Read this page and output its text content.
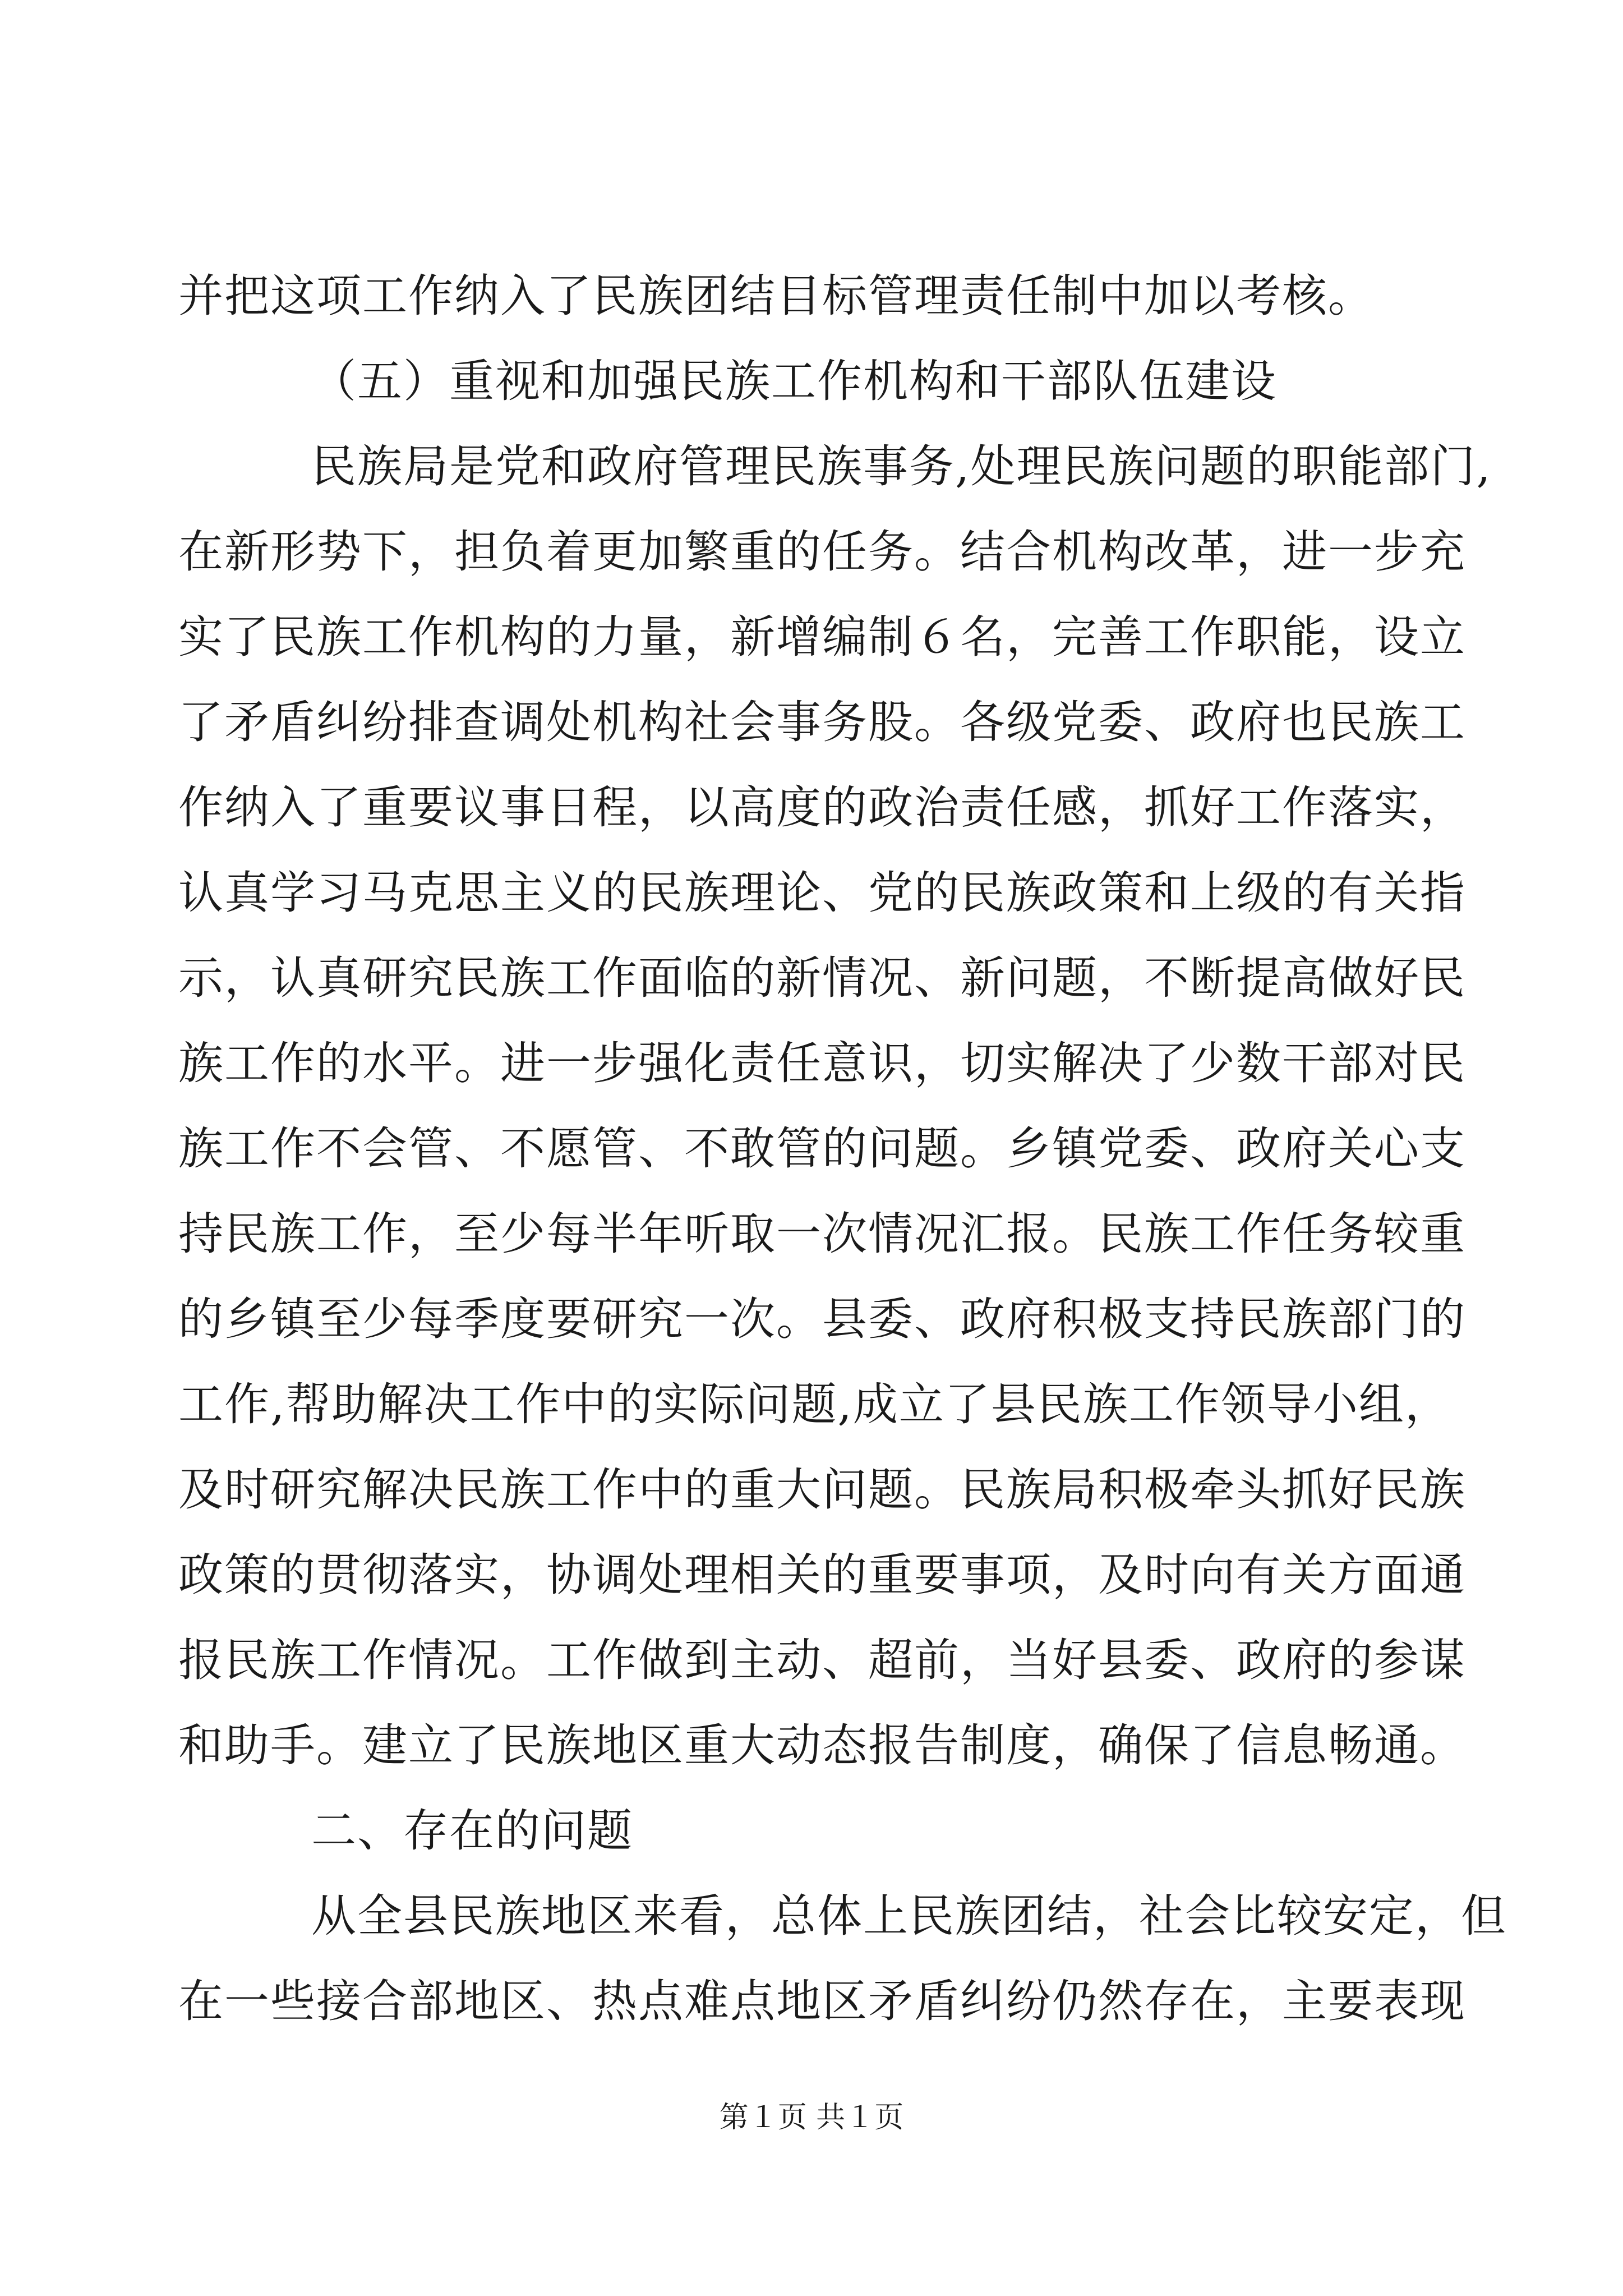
并把这项工作纳入了民族团结目标管理责任制中加以考核。
（五）重视和加强民族工作机构和干部队伍建设
民族局是党和政府管理民族事务,处理民族问题的职能部门,
在新形势下，担负着更加繁重的任务。结合机构改革，进一步充
实了民族工作机构的力量，新增编制６名，完善工作职能，设立
了矛盾纠纷排查调处机构社会事务股。各级党委、政府也民族工
作纳入了重要议事日程，以高度的政治责任感，抓好工作落实，
认真学习马克思主义的民族理论、党的民族政策和上级的有关指
示，认真研究民族工作面临的新情况、新问题，不断提高做好民
族工作的水平。进一步强化责任意识，切实解决了少数干部对民
族工作不会管、不愿管、不敢管的问题。乡镇党委、政府关心支
持民族工作，至少每半年听取一次情况汇报。民族工作任务较重
的乡镇至少每季度要研究一次。县委、政府积极支持民族部门的
工作,帮助解决工作中的实际问题,成立了县民族工作领导小组，
及时研究解决民族工作中的重大问题。民族局积极牵头抓好民族
政策的贯彻落实，协调处理相关的重要事项，及时向有关方面通
报民族工作情况。工作做到主动、超前，当好县委、政府的参谋
和助手。建立了民族地区重大动态报告制度，确保了信息畅通。
二、存在的问题
从全县民族地区来看，总体上民族团结，社会比较安定，但
在一些接合部地区、热点难点地区矛盾纠纷仍然存在，主要表现
第１页 共１页
